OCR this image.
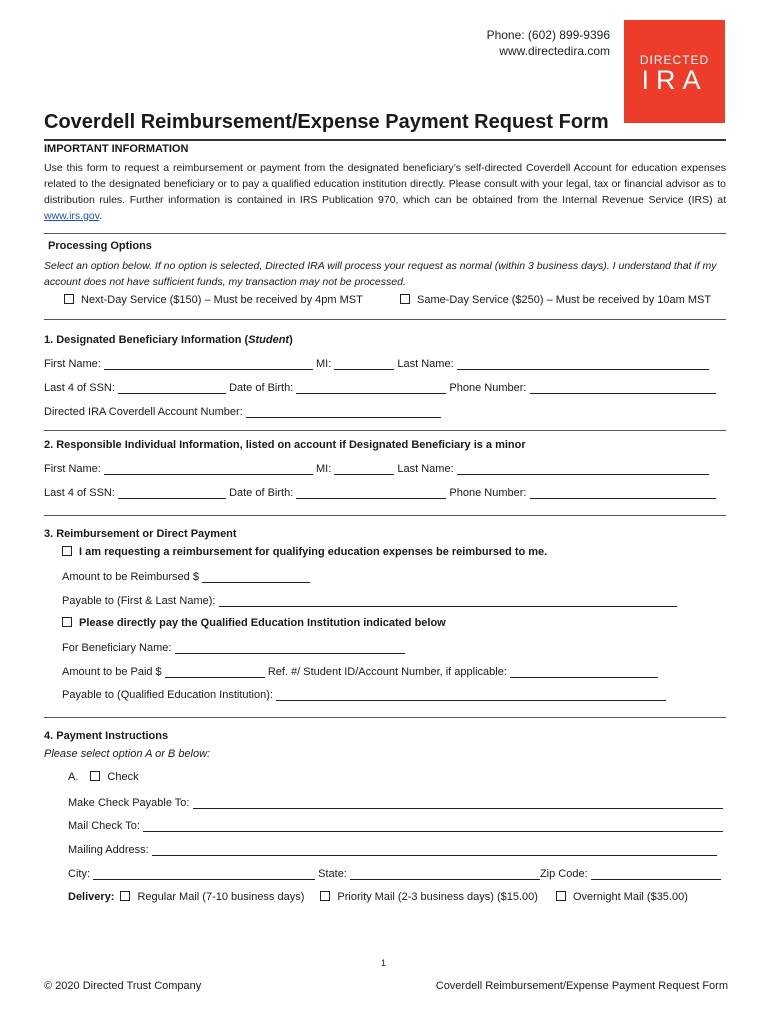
Phone: (602) 899-9396
www.directedira.com
DIRECTED
IRA
Coverdell Reimbursement/Expense Payment Request Form
IMPORTANT INFORMATION
Use this form to request a reimbursement or payment from the designated beneficiary’s self-directed Coverdell Account for education expenses related to the designated beneficiary or to pay a qualified education institution directly. Please consult with your legal, tax or financial advisor as to distribution rules. Further information is contained in IRS Publication 970, which can be obtained from the Internal Revenue Service (IRS) at www.irs.gov.
Processing Options
Select an option below. If no option is selected, Directed IRA will process your request as normal (within 3 business days). I understand that if my account does not have sufficient funds, my transaction may not be processed.
Next-Day Service ($150) – Must be received by 4pm MST	Same-Day Service ($250) – Must be received by 10am MST
1. Designated Beneficiary Information (Student)
First Name:	MI:	Last Name:
Last 4 of SSN:	Date of Birth:	Phone Number:
Directed IRA Coverdell Account Number:
2. Responsible Individual Information, listed on account if Designated Beneficiary is a minor
First Name:	MI:	Last Name:
Last 4 of SSN:	Date of Birth:	Phone Number:
3. Reimbursement or Direct Payment
I am requesting a reimbursement for qualifying education expenses be reimbursed to me.
Amount to be Reimbursed $
Payable to (First & Last Name):
Please directly pay the Qualified Education Institution indicated below
For Beneficiary Name:
Amount to be Paid $	Ref. #/ Student ID/Account Number, if applicable:
Payable to (Qualified Education Institution):
4. Payment Instructions
Please select option A or B below:
A.	Check
Make Check Payable To:
Mail Check To:
Mailing Address:
City:	State:	Zip Code:
Delivery: Regular Mail (7-10 business days)	Priority Mail (2-3 business days) ($15.00)	Overnight Mail ($35.00)
1
© 2020 Directed Trust Company	Coverdell Reimbursement/Expense Payment Request Form
